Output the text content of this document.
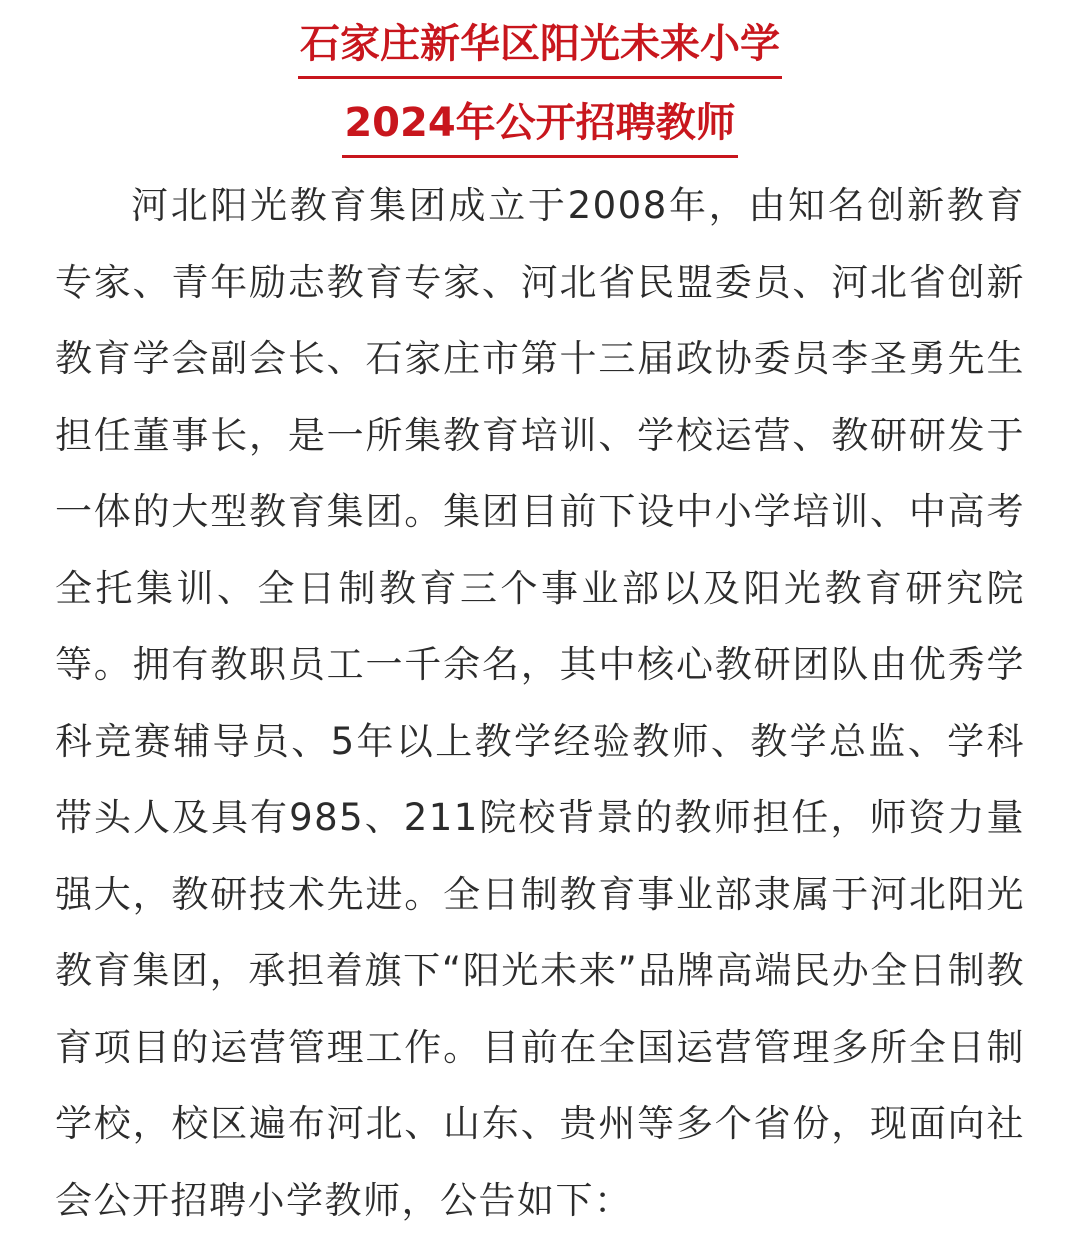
石家庄新华区阳光未来小学
2024年公开招聘教师

河北阳光教育集团成立于2008年，由知名创新教育专家、青年励志教育专家、河北省民盟委员、河北省创新教育学会副会长、石家庄市第十三届政协委员李圣勇先生担任董事长，是一所集教育培训、学校运营、教研研发于一体的大型教育集团。集团目前下设中小学培训、中高考全托集训、全日制教育三个事业部以及阳光教育研究院等。拥有教职员工一千余名，其中核心教研团队由优秀学科竞赛辅导员、5年以上教学经验教师、教学总监、学科带头人及具有985、211院校背景的教师担任，师资力量强大，教研技术先进。全日制教育事业部隶属于河北阳光教育集团，承担着旗下“阳光未来”品牌高端民办全日制教育项目的运营管理工作。目前在全国运营管理多所全日制学校，校区遍布河北、山东、贵州等多个省份，现面向社会公开招聘小学教师，公告如下：
